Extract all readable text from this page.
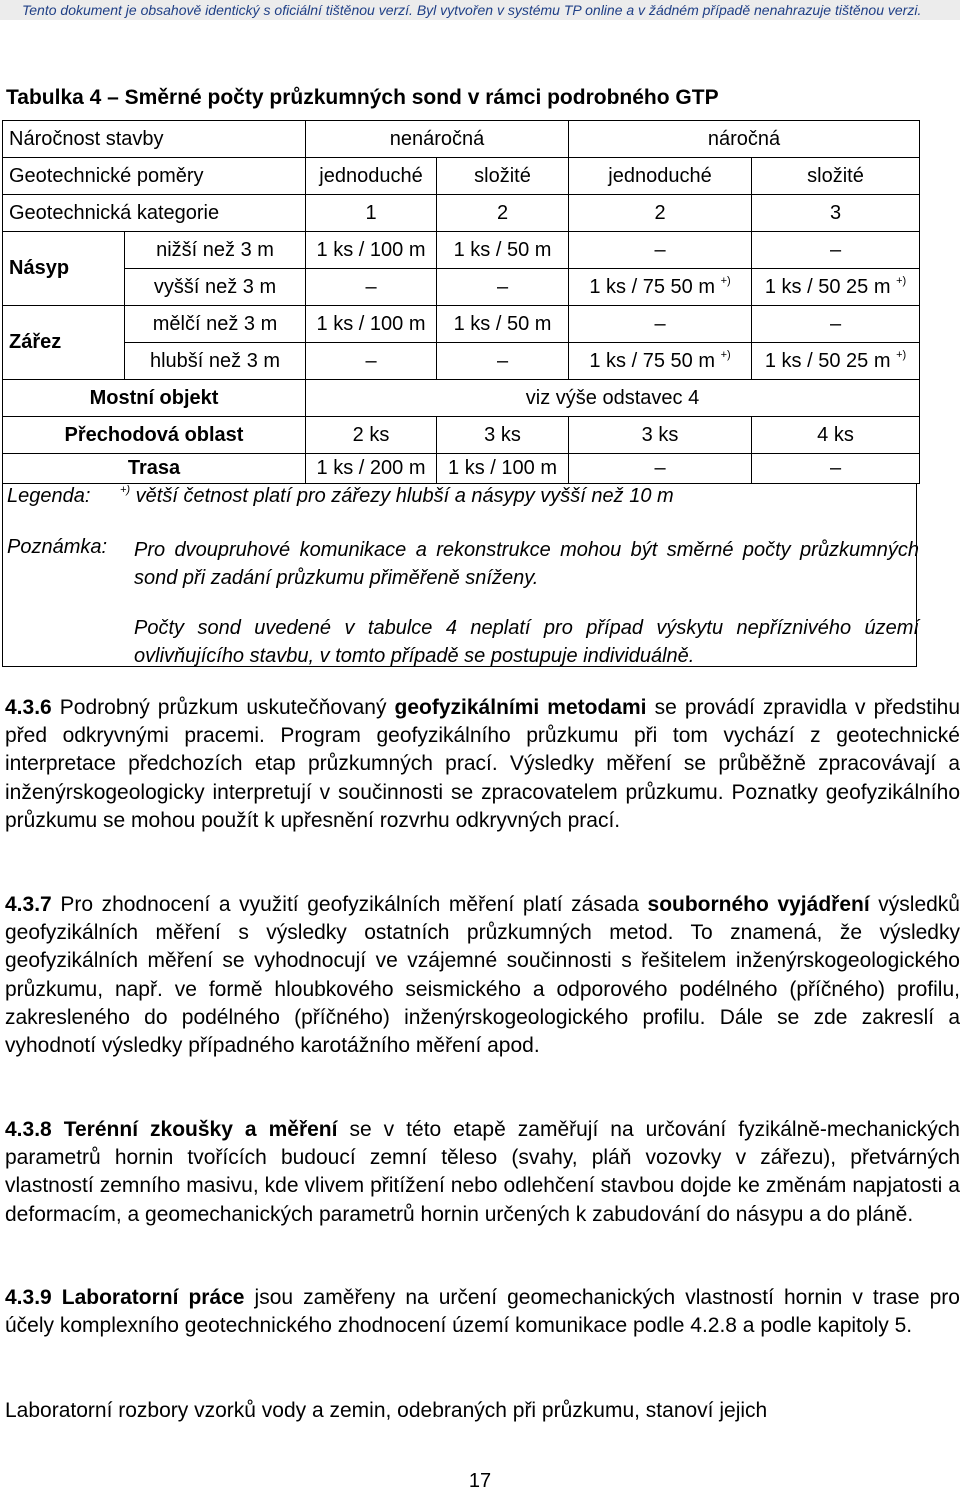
Tento dokument je obsahově identický s oficiální tištěnou verzí. Byl vytvořen v systému TP online a v žádném případě nenahrazuje tištěnou verzi.
Tabulka 4 – Směrné počty průzkumných sond v rámci podrobného GTP
Náročnost stavby		nenáročná		náročná	
Geotechnické poměry		jednoduché	složité	jednoduché	složité
Geotechnická kategorie		1	2	2	3
Násyp	nižší než 3 m	1 ks / 100 m	1 ks / 50 m	–	–
	vyšší než 3 m	–	–	1 ks / 75 50 m +)	1 ks / 50 25 m +)
Zářez	mělčí než 3 m	1 ks / 100 m	1 ks / 50 m	–	–
	hlubší než 3 m	–	–	1 ks / 75 50 m +)	1 ks / 50 25 m +)
Mostní objekt		viz výše odstavec 4			
Přechodová oblast		2 ks	3 ks	3 ks	4 ks
Trasa		1 ks / 200 m	1 ks / 100 m	–	–
Legenda:	+) větší četnost platí pro zářezy hlubší a násypy vyšší než 10 m
Poznámka: Pro dvoupruhové komunikace a rekonstrukce mohou být směrné počty průzkumných sond při zadání průzkumu přiměřeně sníženy.
Počty sond uvedené v tabulce 4 neplatí pro případ výskytu nepříznivého území ovlivňujícího stavbu, v tomto případě se postupuje individuálně.
4.3.6 Podrobný průzkum uskutečňovaný geofyzikálními metodami se provádí zpravidla v předstihu před odkryvnými pracemi. Program geofyzikálního průzkumu při tom vychází z geotechnické interpretace předchozích etap průzkumných prací. Výsledky měření se průběžně zpracovávají a inženýrskogeologicky interpretují v součinnosti se zpracovatelem průzkumu. Poznatky geofyzikálního průzkumu se mohou použít k upřesnění rozvrhu odkryvných prací.
4.3.7 Pro zhodnocení a využití geofyzikálních měření platí zásada souborného vyjádření výsledků geofyzikálních měření s výsledky ostatních průzkumných metod. To znamená, že výsledky geofyzikálních měření se vyhodnocují ve vzájemné součinnosti s řešitelem inženýrskogeologického průzkumu, např. ve formě hloubkového seismického a odporového podélného (příčného) profilu, zakresleného do podélného (příčného) inženýrskogeologického profilu. Dále se zde zakreslí a vyhodnotí výsledky případného karotážního měření apod.
4.3.8 Terénní zkoušky a měření se v této etapě zaměřují na určování fyzikálně-mechanických parametrů hornin tvořících budoucí zemní těleso (svahy, pláň vozovky v zářezu), přetvárných vlastností zemního masivu, kde vlivem přitížení nebo odlehčení stavbou dojde ke změnám napjatosti a deformacím, a geomechanických parametrů hornin určených k zabudování do násypu a do pláně.
4.3.9 Laboratorní práce jsou zaměřeny na určení geomechanických vlastností hornin v trase pro účely komplexního geotechnického zhodnocení území komunikace podle 4.2.8 a podle kapitoly 5.
Laboratorní rozbory vzorků vody a zemin, odebraných při průzkumu, stanoví jejich
17
